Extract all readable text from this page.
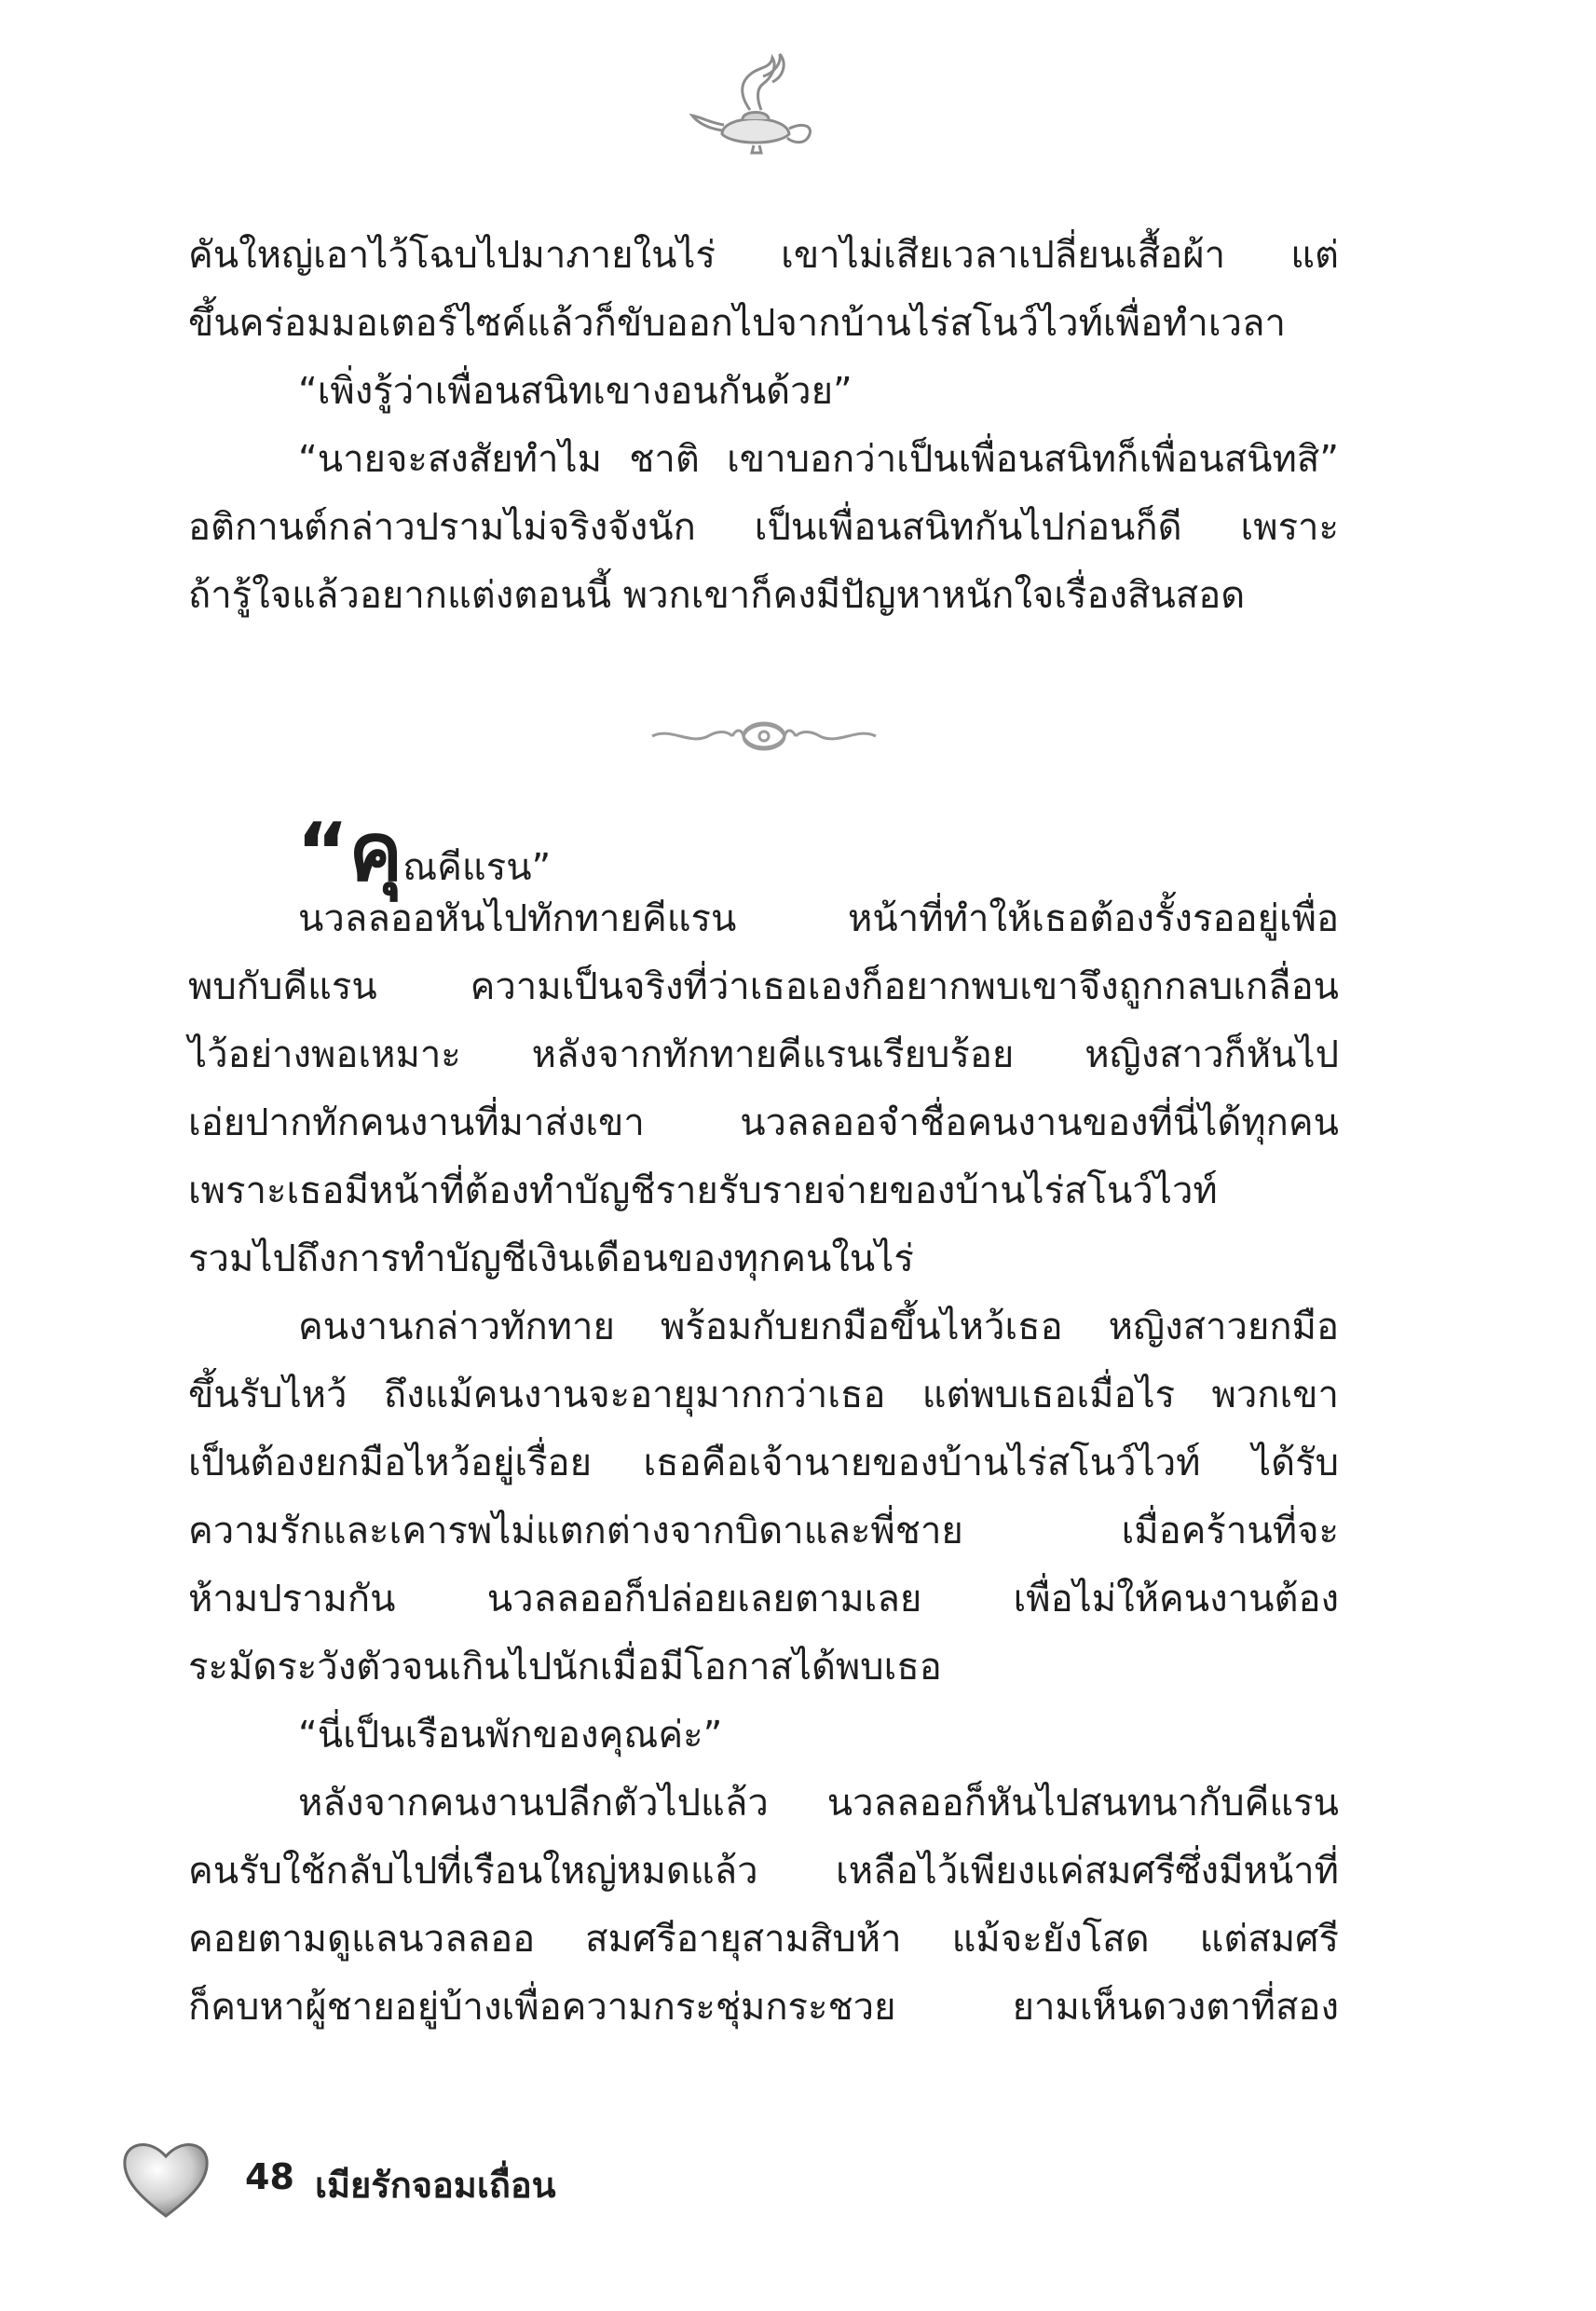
คันใหญ่เอาไว้โฉบไปมาภายในไร่ เขาไม่เสียเวลาเปลี่ยนเสื้อผ้า แต่
ขึ้นคร่อมมอเตอร์ไซค์แล้วก็ขับออกไปจากบ้านไร่สโนว์ไวท์เพื่อทำเวลา
“เพิ่งรู้ว่าเพื่อนสนิทเขางอนกันด้วย”
“นายจะสงสัยทำไม ชาติ เขาบอกว่าเป็นเพื่อนสนิทก็เพื่อนสนิทสิ”
อติกานต์กล่าวปรามไม่จริงจังนัก เป็นเพื่อนสนิทกันไปก่อนก็ดี เพราะ
ถ้ารู้ใจแล้วอยากแต่งตอนนี้ พวกเขาก็คงมีปัญหาหนักใจเรื่องสินสอด
“คุณคีแรน”
นวลลออหันไปทักทายคีแรน หน้าที่ทำให้เธอต้องรั้งรออยู่เพื่อ
พบกับคีแรน ความเป็นจริงที่ว่าเธอเองก็อยากพบเขาจึงถูกกลบเกลื่อน
ไว้อย่างพอเหมาะ หลังจากทักทายคีแรนเรียบร้อย หญิงสาวก็หันไป
เอ่ยปากทักคนงานที่มาส่งเขา นวลลออจำชื่อคนงานของที่นี่ได้ทุกคน
เพราะเธอมีหน้าที่ต้องทำบัญชีรายรับรายจ่ายของบ้านไร่สโนว์ไวท์
รวมไปถึงการทำบัญชีเงินเดือนของทุกคนในไร่
คนงานกล่าวทักทาย พร้อมกับยกมือขึ้นไหว้เธอ หญิงสาวยกมือ
ขึ้นรับไหว้ ถึงแม้คนงานจะอายุมากกว่าเธอ แต่พบเธอเมื่อไร พวกเขา
เป็นต้องยกมือไหว้อยู่เรื่อย เธอคือเจ้านายของบ้านไร่สโนว์ไวท์ ได้รับ
ความรักและเคารพไม่แตกต่างจากบิดาและพี่ชาย เมื่อคร้านที่จะ
ห้ามปรามกัน นวลลออก็ปล่อยเลยตามเลย เพื่อไม่ให้คนงานต้อง
ระมัดระวังตัวจนเกินไปนักเมื่อมีโอกาสได้พบเธอ
“นี่เป็นเรือนพักของคุณค่ะ”
หลังจากคนงานปลีกตัวไปแล้ว นวลลออก็หันไปสนทนากับคีแรน
คนรับใช้กลับไปที่เรือนใหญ่หมดแล้ว เหลือไว้เพียงแค่สมศรีซึ่งมีหน้าที่
คอยตามดูแลนวลลออ สมศรีอายุสามสิบห้า แม้จะยังโสด แต่สมศรี
ก็คบหาผู้ชายอยู่บ้างเพื่อความกระชุ่มกระชวย ยามเห็นดวงตาที่สอง
48 เมียรักจอมเถื่อน
